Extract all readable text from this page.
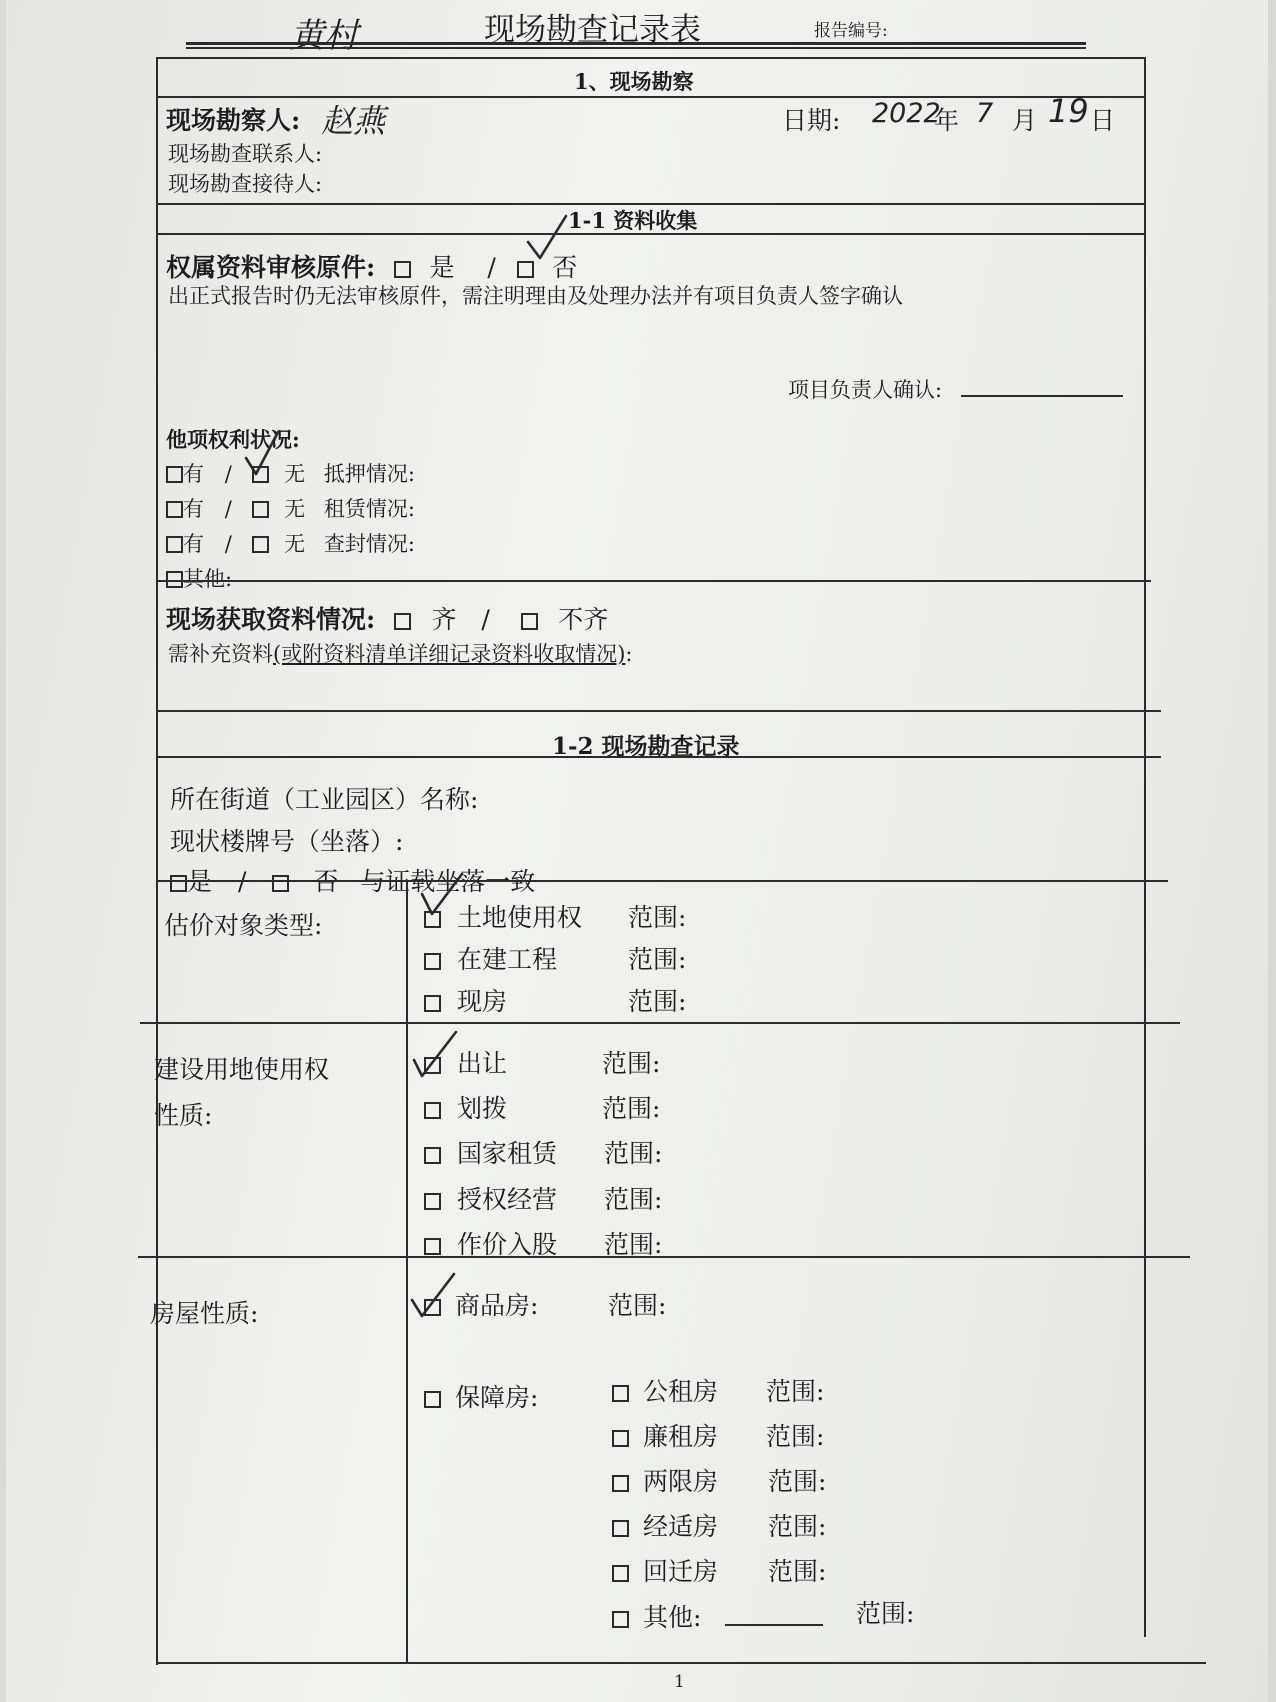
黄村	现场勘查记录表	报告编号:
1、现场勘察
现场勘察人: 赵燕	日期: 2022
年 7 月 19 日
现场勘查联系人:
现场勘查接待人:
1-1 资料收集
权属资料审核原件: 是 / 否
出正式报告时仍无法审核原件，需注明理由及处理办法并有项目负责人签字确认
项目负责人确认:
他项权利状况:
有 / 无 抵押情况:
有 / 无 租赁情况:
有 / 无 查封情况:
其他:
现场获取资料情况: 齐 /	不齐
需补充资料(或附资料清单详细记录资料收取情况):
1-2 现场勘查记录
所在街道（工业园区）名称:
现状楼牌号（坐落）:
是 /	否 与证载坐落一致
估价对象类型:	土地使用权 范围:
在建工程	范围:
现房	范围:
建设用地使用权
性质:
出让	范围:
划拨	范围:
国家租赁 范围:
授权经营 范围:
作价入股 范围:
房屋性质:	商品房:	范围:
保障房:	公租房 范围:
廉租房 范围:
两限房 范围:
经适房 范围:
回迁房 范围:
其他:	范围:
1
